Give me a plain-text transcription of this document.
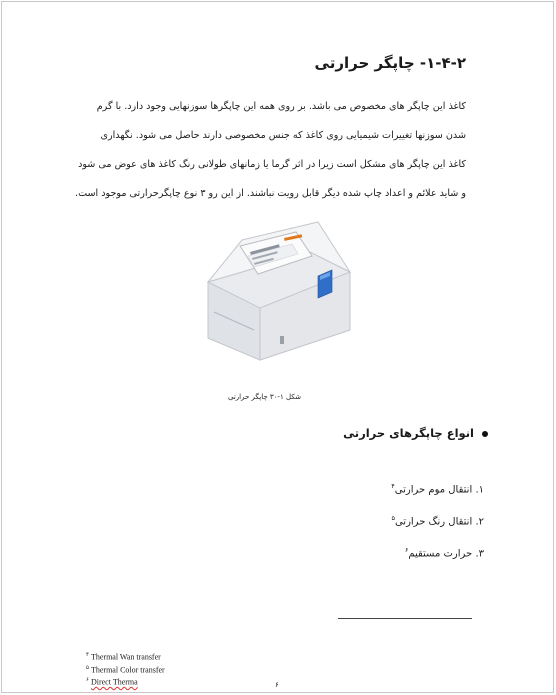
۱-۴-۲- چاپگر حرارتی
کاغذ این چاپگر های مخصوص می باشد. بر روی همه این چاپگرها سوزنهایی وجود دارد. با گرم
شدن سوزنها تغییرات شیمیایی روی کاغذ که جنس مخصوصی دارند حاصل می شود. نگهداری
کاغذ این چاپگر های مشکل است زیرا در اثر گرما یا زمانهای طولانی رنگ کاغذ های عوض می شود
و شاید علائم و اعداد چاپ شده دیگر قابل رویت نباشند. از این رو ۳ نوع چاپگرحرارتی موجود است.
شکل ۱-۳۰ چاپگر حرارتی
انواع چاپگرهای حرارتی
۱. انتقال موم حرارتی$^۴$
۲. انتقال رنگ حرارتی$^۵$
۳. حرارت مستقیم$^۶$
$^۴$ Thermal Wan transfer
$^۵$ Thermal Color transfer
$^۶$ Direct Therma	۶
